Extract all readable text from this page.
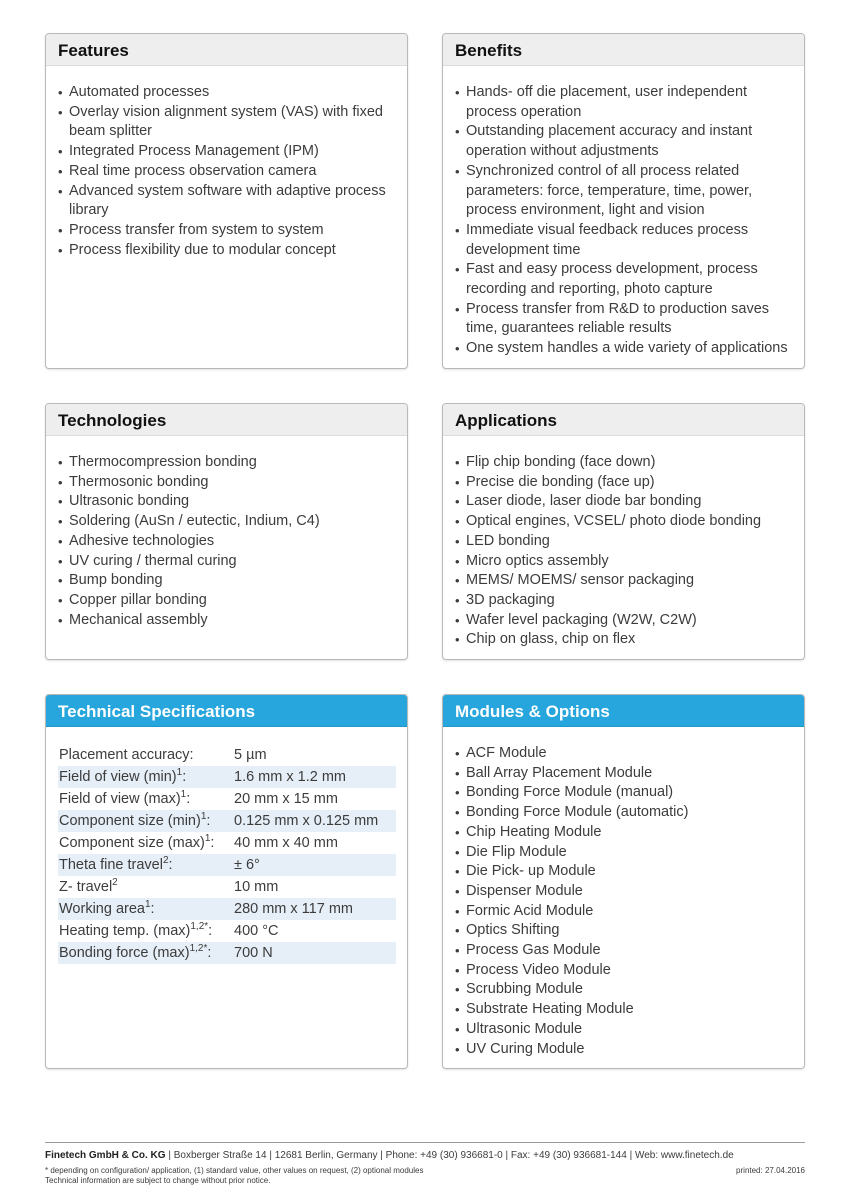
Features
• Automated processes
• Overlay vision alignment system (VAS) with fixed beam splitter
• Integrated Process Management (IPM)
• Real time process observation camera
• Advanced system software with adaptive process library
• Process transfer from system to system
• Process flexibility due to modular concept
Benefits
• Hands- off die placement, user independent process operation
• Outstanding placement accuracy and instant operation without adjustments
• Synchronized control of all process related parameters: force, temperature, time, power, process environment, light and vision
• Immediate visual feedback reduces process development time
• Fast and easy process development, process recording and reporting, photo capture
• Process transfer from R&D to production saves time, guarantees reliable results
• One system handles a wide variety of applications
Technologies
• Thermocompression bonding
• Thermosonic bonding
• Ultrasonic bonding
• Soldering (AuSn / eutectic, Indium, C4)
• Adhesive technologies
• UV curing / thermal curing
• Bump bonding
• Copper pillar bonding
• Mechanical assembly
Applications
• Flip chip bonding (face down)
• Precise die bonding (face up)
• Laser diode, laser diode bar bonding
• Optical engines, VCSEL/ photo diode bonding
• LED bonding
• Micro optics assembly
• MEMS/ MOEMS/ sensor packaging
• 3D packaging
• Wafer level packaging (W2W, C2W)
• Chip on glass, chip on flex
Technical Specifications
Placement accuracy:	5 µm
Field of view $(\min)^1$:	1.6 mm x 1.2 mm
Field of view $(\max)^1$:	20 mm x 15 mm
Component size $(\min)^1$:	0.125 mm x 0.125 mm
Component size $(\max)^1$:	40 mm x 40 mm
Theta fine travel$^2$:	± 6°
Z- travel$^2$	10 mm
Working area$^1$:	280 mm x 117 mm
Heating temp. $(\max)^{1,2*}$:	400 °C
Bonding force $(\max)^{1,2*}$:	700 N
Modules & Options
• ACF Module
• Ball Array Placement Module
• Bonding Force Module (manual)
• Bonding Force Module (automatic)
• Chip Heating Module
• Die Flip Module
• Die Pick- up Module
• Dispenser Module
• Formic Acid Module
• Optics Shifting
• Process Gas Module
• Process Video Module
• Scrubbing Module
• Substrate Heating Module
• Ultrasonic Module
• UV Curing Module
Finetech GmbH & Co. KG | Boxberger Straße 14 | 12681 Berlin, Germany | Phone: +49 (30) 936681-0 | Fax: +49 (30) 936681-144 | Web: www.finetech.de
* depending on configuration/ application, (1) standard value, other values on request, (2) optional modules
Technical information are subject to change without prior notice.
printed: 27.04.2016
